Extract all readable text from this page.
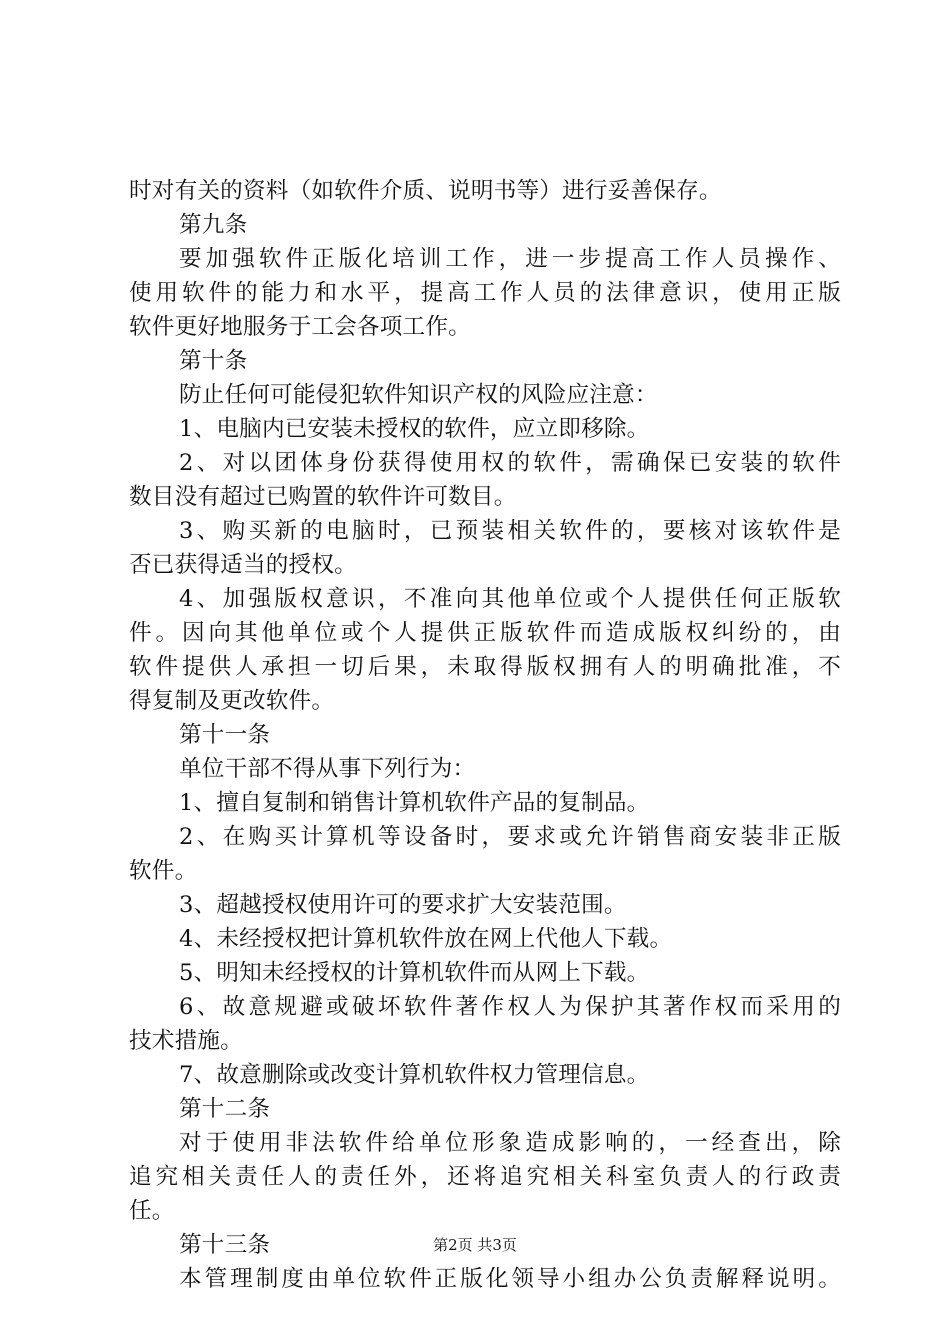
时对有关的资料（如软件介质、说明书等）进行妥善保存。
第九条
要加强软件正版化培训工作，进一步提高工作人员操作、
使用软件的能力和水平，提高工作人员的法律意识，使用正版
软件更好地服务于工会各项工作。
第十条
防止任何可能侵犯软件知识产权的风险应注意：
1、电脑内已安装未授权的软件，应立即移除。
2、对以团体身份获得使用权的软件，需确保已安装的软件
数目没有超过已购置的软件许可数目。
3、购买新的电脑时，已预装相关软件的，要核对该软件是
否已获得适当的授权。
4、加强版权意识，不准向其他单位或个人提供任何正版软
件。因向其他单位或个人提供正版软件而造成版权纠纷的，由
软件提供人承担一切后果，未取得版权拥有人的明确批准，不
得复制及更改软件。
第十一条
单位干部不得从事下列行为：
1、擅自复制和销售计算机软件产品的复制品。
2、在购买计算机等设备时，要求或允许销售商安装非正版
软件。
3、超越授权使用许可的要求扩大安装范围。
4、未经授权把计算机软件放在网上代他人下载。
5、明知未经授权的计算机软件而从网上下载。
6、故意规避或破坏软件著作权人为保护其著作权而采用的
技术措施。
7、故意删除或改变计算机软件权力管理信息。
第十二条
对于使用非法软件给单位形象造成影响的，一经查出，除
追究相关责任人的责任外，还将追究相关科室负责人的行政责
任。
第十三条
本管理制度由单位软件正版化领导小组办公负责解释说明。
第2页 共3页
